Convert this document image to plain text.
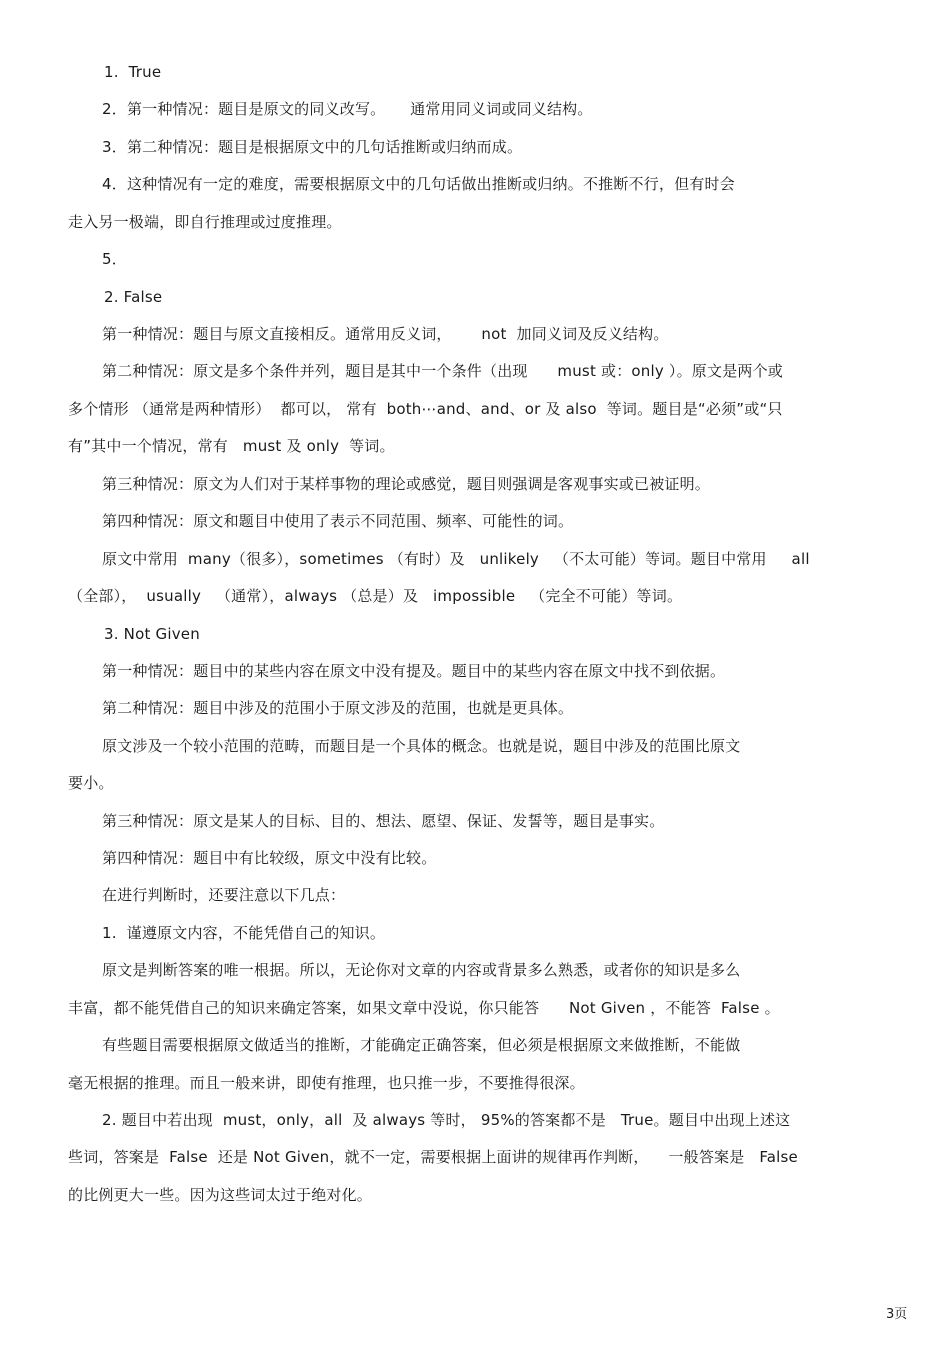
1.  True
2．第一种情况：题目是原文的同义改写。     通常用同义词或同义结构。
3．第二种情况：题目是根据原文中的几句话推断或归纳而成。
4．这种情况有一定的难度，需要根据原文中的几句话做出推断或归纳。不推断不行，但有时会
走入另一极端，即自行推理或过度推理。
5．
2. False
第一种情况：题目与原文直接相反。通常用反义词，      not  加同义词及反义结构。
第二种情况：原文是多个条件并列，题目是其中一个条件（出现      must 或：only ）。原文是两个或
多个情形 （通常是两种情形）  都可以， 常有  both⋯and、and、or 及 also  等词。题目是“必须”或“只
有”其中一个情况，常有   must 及 only  等词。
第三种情况：原文为人们对于某样事物的理论或感觉，题目则强调是客观事实或已被证明。
第四种情况：原文和题目中使用了表示不同范围、频率、可能性的词。
原文中常用  many（很多），sometimes （有时）及   unlikely   （不太可能）等词。题目中常用     all
（全部），  usually   （通常），always （总是）及   impossible   （完全不可能）等词。
3. Not Given
第一种情况：题目中的某些内容在原文中没有提及。题目中的某些内容在原文中找不到依据。
第二种情况：题目中涉及的范围小于原文涉及的范围，也就是更具体。
原文涉及一个较小范围的范畴，而题目是一个具体的概念。也就是说，题目中涉及的范围比原文
要小。
第三种情况：原文是某人的目标、目的、想法、愿望、保证、发誓等，题目是事实。
第四种情况：题目中有比较级，原文中没有比较。
在进行判断时，还要注意以下几点：
1.  谨遵原文内容，不能凭借自己的知识。
原文是判断答案的唯一根据。所以，无论你对文章的内容或背景多么熟悉，或者你的知识是多么
丰富，都不能凭借自己的知识来确定答案，如果文章中没说，你只能答      Not Given ，不能答  False 。
有些题目需要根据原文做适当的推断，才能确定正确答案，但必须是根据原文来做推断，不能做
毫无根据的推理。而且一般来讲，即使有推理，也只推一步，不要推得很深。
2. 题目中若出现  must，only，all  及 always 等时， 95%的答案都不是   True。题目中出现上述这
些词，答案是  False  还是 Not Given，就不一定，需要根据上面讲的规律再作判断，    一般答案是   False
的比例更大一些。因为这些词太过于绝对化。
3页
